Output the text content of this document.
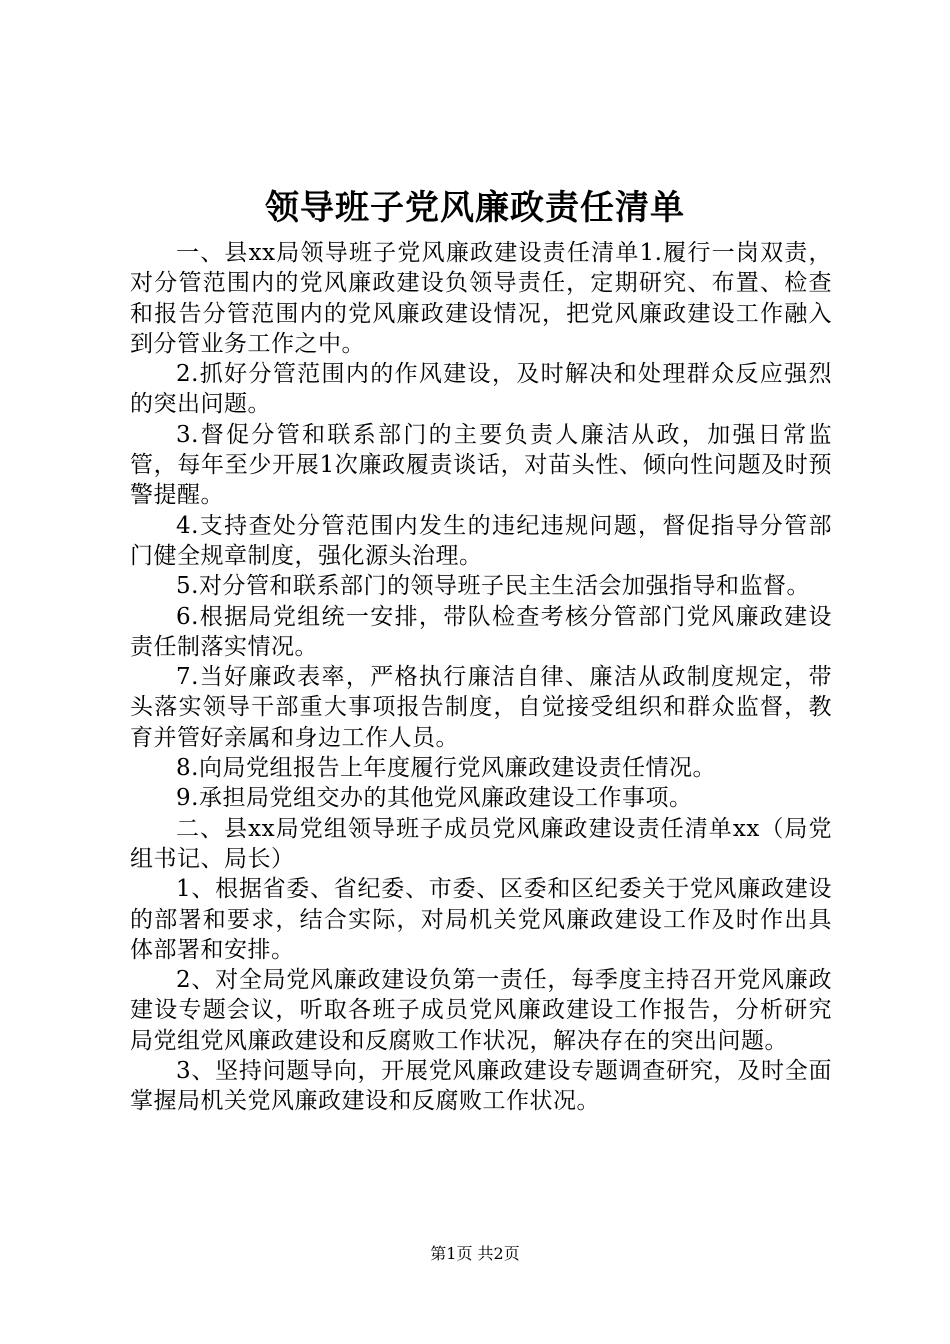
领导班子党风廉政责任清单

一、县xx局领导班子党风廉政建设责任清单1.履行一岗双责，对分管范围内的党风廉政建设负领导责任，定期研究、布置、检查和报告分管范围内的党风廉政建设情况，把党风廉政建设工作融入到分管业务工作之中。

2.抓好分管范围内的作风建设，及时解决和处理群众反应强烈的突出问题。

3.督促分管和联系部门的主要负责人廉洁从政，加强日常监管，每年至少开展1次廉政履责谈话，对苗头性、倾向性问题及时预警提醒。

4.支持查处分管范围内发生的违纪违规问题，督促指导分管部门健全规章制度，强化源头治理。

5.对分管和联系部门的领导班子民主生活会加强指导和监督。

6.根据局党组统一安排，带队检查考核分管部门党风廉政建设责任制落实情况。

7.当好廉政表率，严格执行廉洁自律、廉洁从政制度规定，带头落实领导干部重大事项报告制度，自觉接受组织和群众监督，教育并管好亲属和身边工作人员。

8.向局党组报告上年度履行党风廉政建设责任情况。

9.承担局党组交办的其他党风廉政建设工作事项。

二、县xx局党组领导班子成员党风廉政建设责任清单xx（局党组书记、局长）

1、根据省委、省纪委、市委、区委和区纪委关于党风廉政建设的部署和要求，结合实际，对局机关党风廉政建设工作及时作出具体部署和安排。

2、对全局党风廉政建设负第一责任，每季度主持召开党风廉政建设专题会议，听取各班子成员党风廉政建设工作报告，分析研究局党组党风廉政建设和反腐败工作状况，解决存在的突出问题。

3、坚持问题导向，开展党风廉政建设专题调查研究，及时全面掌握局机关党风廉政建设和反腐败工作状况。

第1页 共2页
